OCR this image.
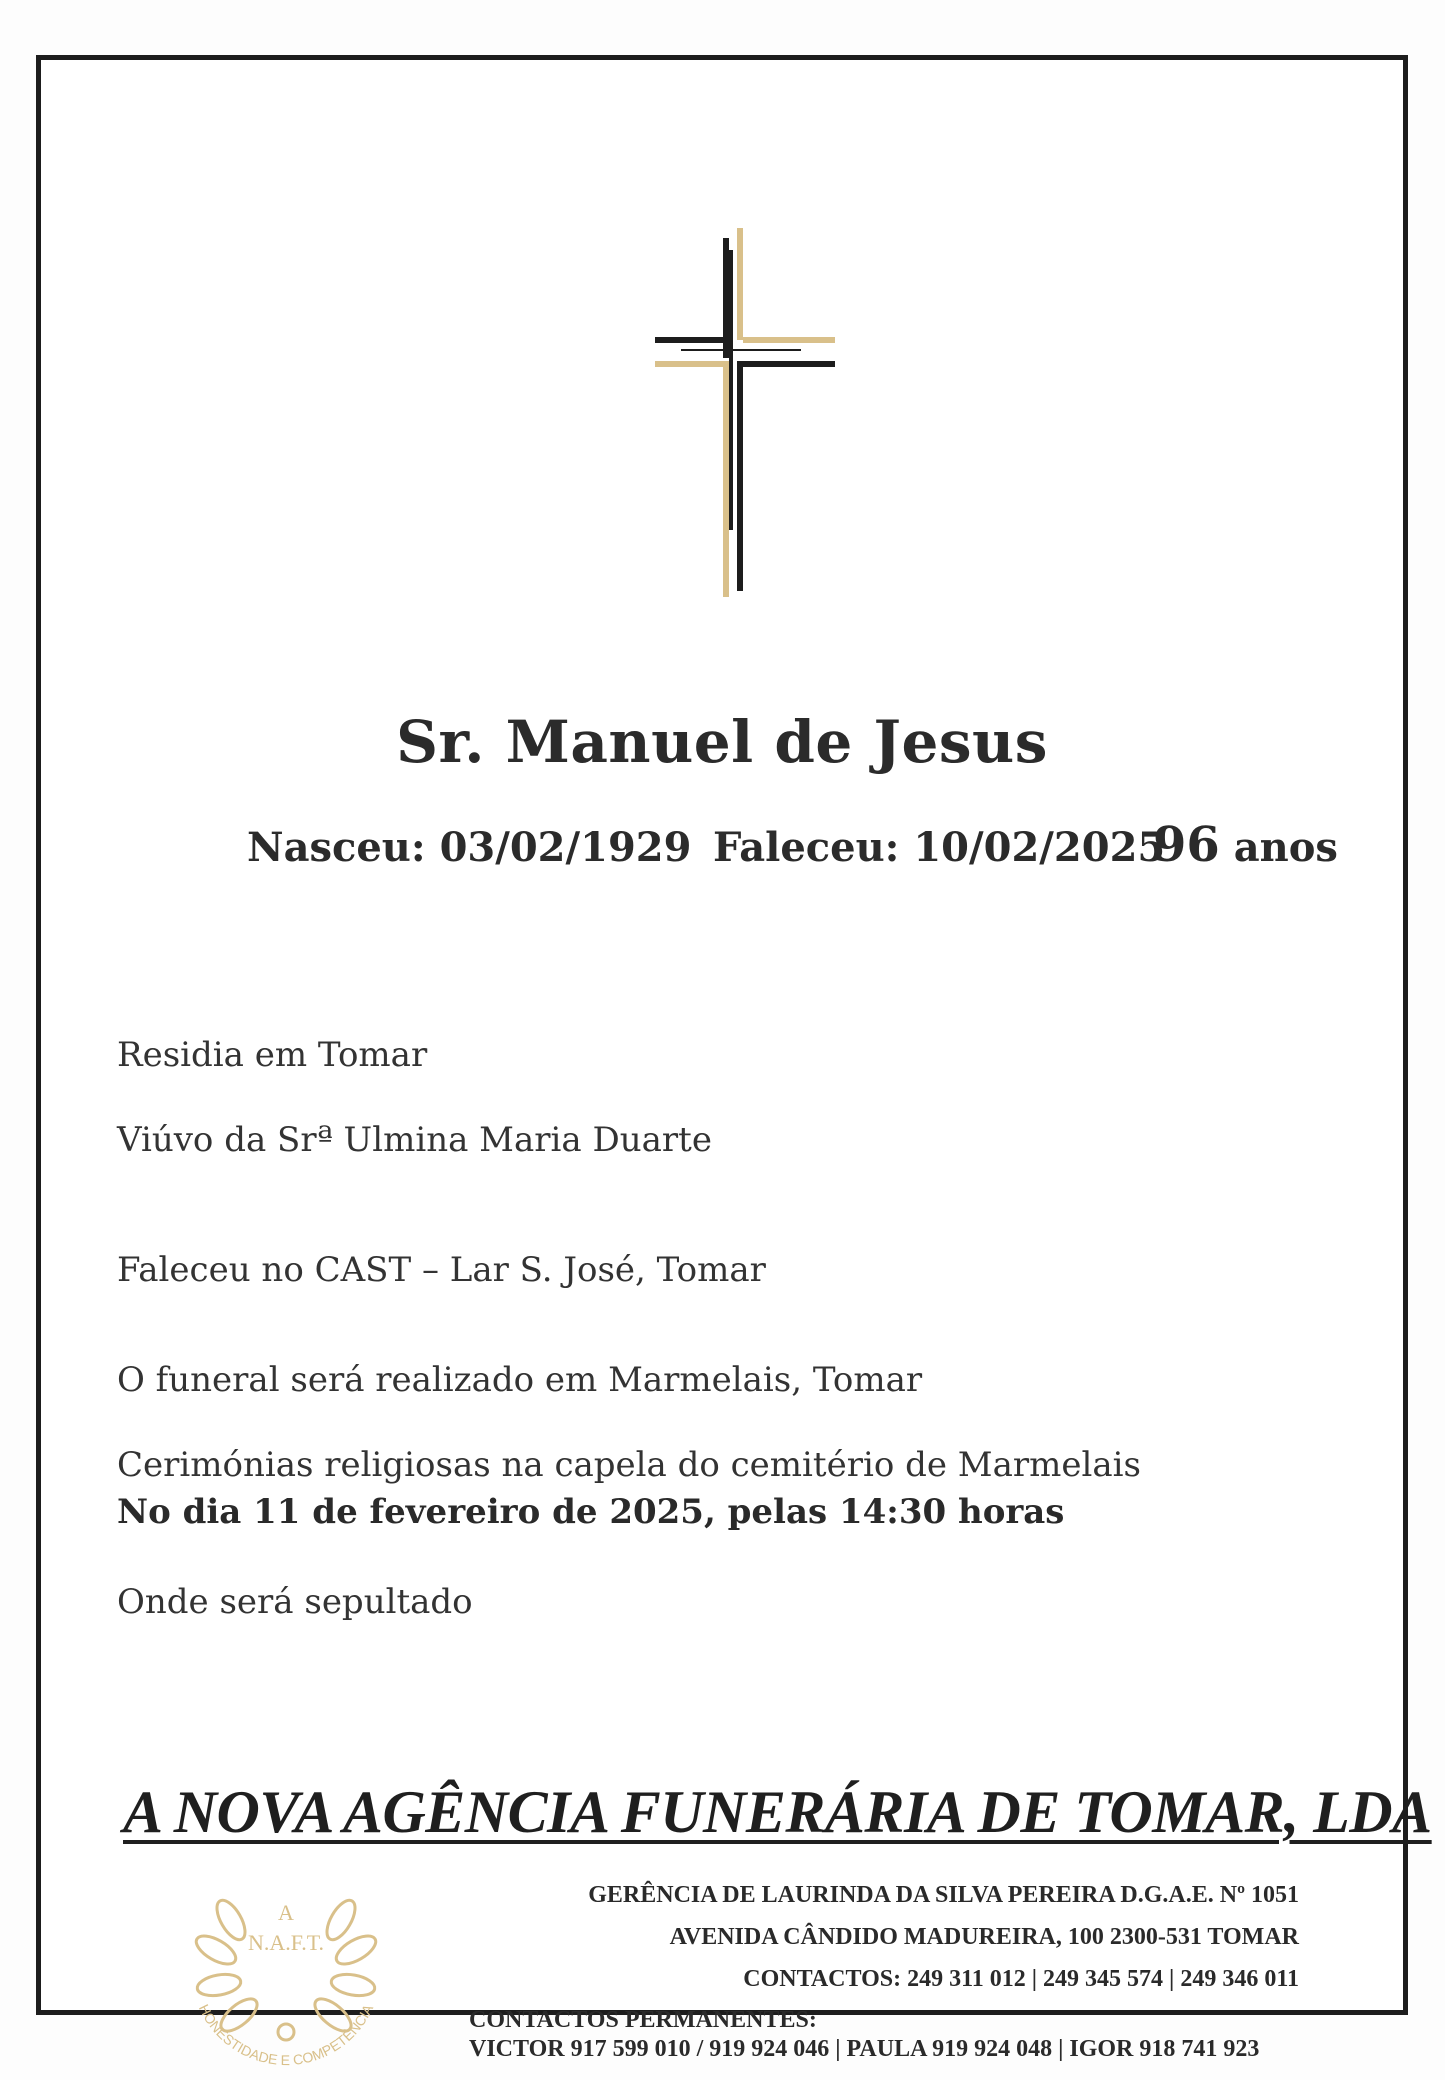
Sr. Manuel de Jesus
Nasceu: 03/02/1929 Faleceu: 10/02/202596 anos
Residia em Tomar
Viúvo da Srª Ulmina Maria Duarte
Faleceu no CAST – Lar S. José, Tomar
O funeral será realizado em Marmelais, Tomar
Cerimónias religiosas na capela do cemitério de Marmelais
No dia 11 de fevereiro de 2025, pelas 14:30 horas
Onde será sepultado
A NOVA AGÊNCIA FUNERÁRIA DE TOMAR, LDA
A
N.A.F.T.
HONESTIDADE E COMPETÊNCIA
GERÊNCIA DE LAURINDA DA SILVA PEREIRA D.G.A.E. Nº 1051
AVENIDA CÂNDIDO MADUREIRA, 100 2300-531 TOMAR
CONTACTOS: 249 311 012 | 249 345 574 | 249 346 011
CONTACTOS PERMANENTES:
VICTOR 917 599 010 / 919 924 046 | PAULA 919 924 048 | IGOR 918 741 923
